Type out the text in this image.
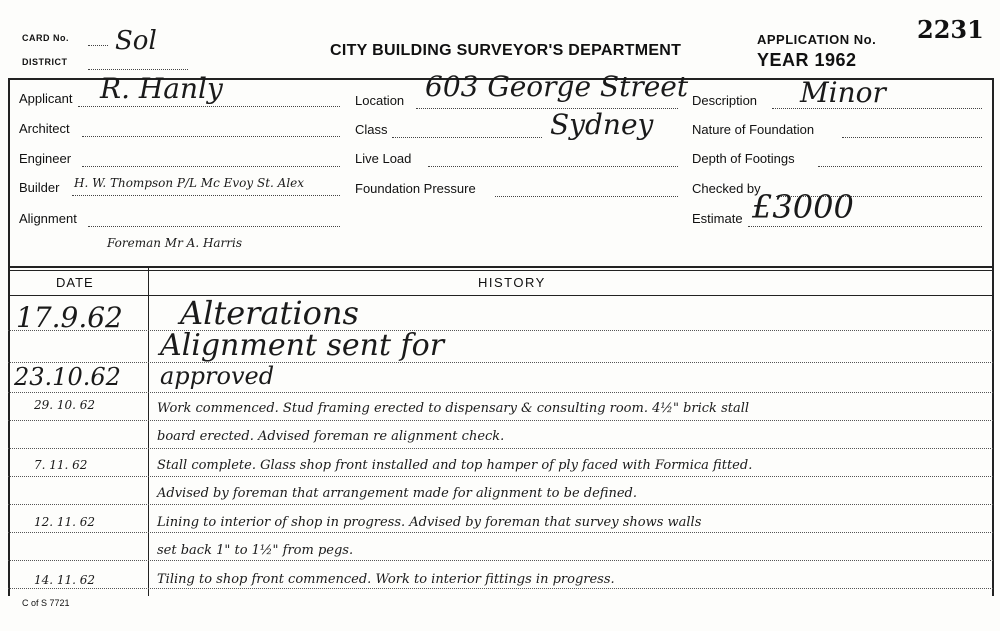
CARD No. Sol
DISTRICT
CITY BUILDING SURVEYOR'S DEPARTMENT
APPLICATION No. 2231
YEAR 1962
Applicant R. Hanly
Architect
Engineer
Builder H. W. Thompson P/L Mc Evoy St. Alex
Alignment
Foreman Mr A. Harris
Location 603 George Street
Sydney
Class
Live Load
Foundation Pressure
Description Minor
Nature of Foundation
Depth of Footings
Checked by
Estimate £3000
DATE	HISTORY
17.9.62 Alterations
Alignment sent for
23.10.62 approved
29. 10. 62	Work commenced. Stud framing erected to dispensary & consulting room. 4½" brick stall
board erected. Advised foreman re alignment check.
7. 11. 62	Stall complete. Glass shop front installed and top hamper of ply faced with Formica fitted.
Advised by foreman that arrangement made for alignment to be defined.
12. 11. 62	Lining to interior of shop in progress. Advised by foreman that survey shows walls
set back 1" to 1½" from pegs.
14. 11. 62	Tiling to shop front commenced. Work to interior fittings in progress.
C of S 7721
